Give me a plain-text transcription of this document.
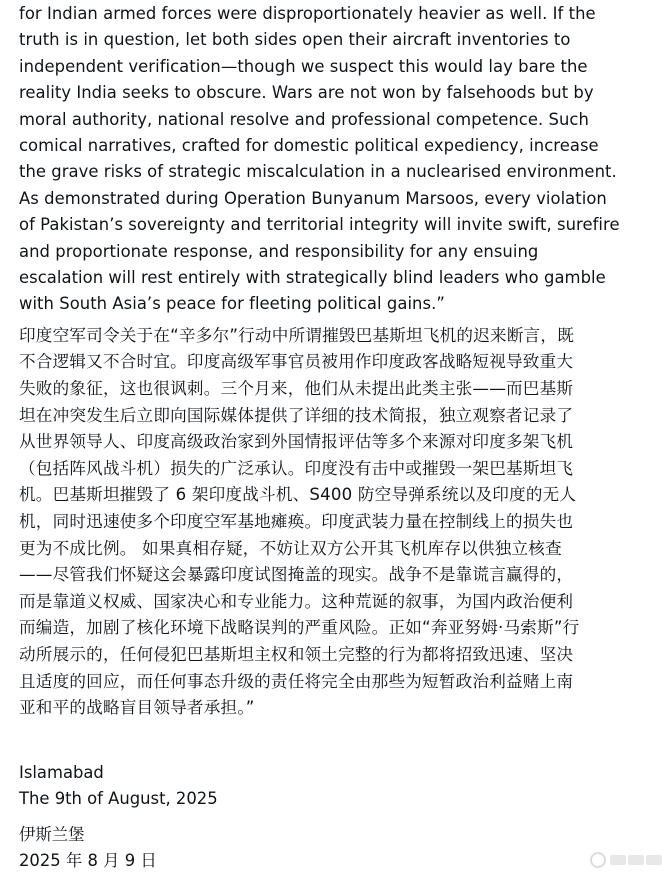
for Indian armed forces were disproportionately heavier as well. If the
truth is in question, let both sides open their aircraft inventories to
independent verification—though we suspect this would lay bare the
reality India seeks to obscure. Wars are not won by falsehoods but by
moral authority, national resolve and professional competence. Such
comical narratives, crafted for domestic political expediency, increase
the grave risks of strategic miscalculation in a nuclearised environment.
As demonstrated during Operation Bunyanum Marsoos, every violation
of Pakistan’s sovereignty and territorial integrity will invite swift, surefire
and proportionate response, and responsibility for any ensuing
escalation will rest entirely with strategically blind leaders who gamble
with South Asia’s peace for fleeting political gains.”

印度空军司令关于在“辛多尔”行动中所谓摧毁巴基斯坦飞机的迟来断言，既
不合逻辑又不合时宜。印度高级军事官员被用作印度政客战略短视导致重大
失败的象征，这也很讽刺。三个月来，他们从未提出此类主张——而巴基斯
坦在冲突发生后立即向国际媒体提供了详细的技术简报，独立观察者记录了
从世界领导人、印度高级政治家到外国情报评估等多个来源对印度多架飞机
（包括阵风战斗机）损失的广泛承认。印度没有击中或摧毁一架巴基斯坦飞
机。巴基斯坦摧毁了 6 架印度战斗机、S400 防空导弹系统以及印度的无人
机，同时迅速使多个印度空军基地瘫痪。印度武装力量在控制线上的损失也
更为不成比例。 如果真相存疑，不妨让双方公开其飞机库存以供独立核查
——尽管我们怀疑这会暴露印度试图掩盖的现实。战争不是靠谎言赢得的，
而是靠道义权威、国家决心和专业能力。这种荒诞的叙事，为国内政治便利
而编造，加剧了核化环境下战略误判的严重风险。正如“奔亚努姆·马索斯”行
动所展示的，任何侵犯巴基斯坦主权和领土完整的行为都将招致迅速、坚决
且适度的回应，而任何事态升级的责任将完全由那些为短暂政治利益赌上南
亚和平的战略盲目领导者承担。”

Islamabad
The 9th of August, 2025
伊斯兰堡
2025 年 8 月 9 日
